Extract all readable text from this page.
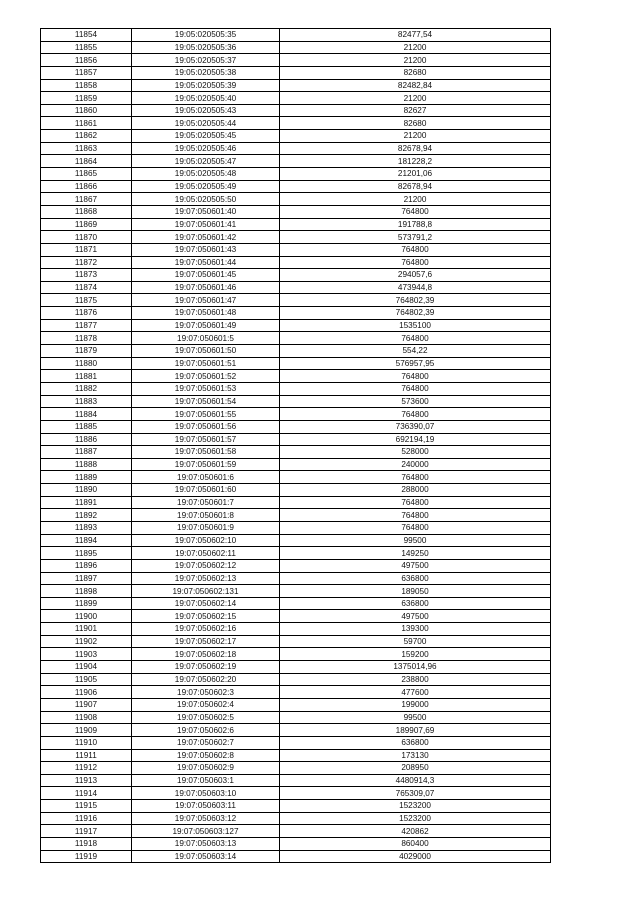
11854	19:05:020505:35	82477,54
11855	19:05:020505:36	21200
11856	19:05:020505:37	21200
11857	19:05:020505:38	82680
11858	19:05:020505:39	82482,84
11859	19:05:020505:40	21200
11860	19:05:020505:43	82627
11861	19:05:020505:44	82680
11862	19:05:020505:45	21200
11863	19:05:020505:46	82678,94
11864	19:05:020505:47	181228,2
11865	19:05:020505:48	21201,06
11866	19:05:020505:49	82678,94
11867	19:05:020505:50	21200
11868	19:07:050601:40	764800
11869	19:07:050601:41	191788,8
11870	19:07:050601:42	573791,2
11871	19:07:050601:43	764800
11872	19:07:050601:44	764800
11873	19:07:050601:45	294057,6
11874	19:07:050601:46	473944,8
11875	19:07:050601:47	764802,39
11876	19:07:050601:48	764802,39
11877	19:07:050601:49	1535100
11878	19:07:050601:5	764800
11879	19:07:050601:50	554,22
11880	19:07:050601:51	576957,95
11881	19:07:050601:52	764800
11882	19:07:050601:53	764800
11883	19:07:050601:54	573600
11884	19:07:050601:55	764800
11885	19:07:050601:56	736390,07
11886	19:07:050601:57	692194,19
11887	19:07:050601:58	528000
11888	19:07:050601:59	240000
11889	19:07:050601:6	764800
11890	19:07:050601:60	288000
11891	19:07:050601:7	764800
11892	19:07:050601:8	764800
11893	19:07:050601:9	764800
11894	19:07:050602:10	99500
11895	19:07:050602:11	149250
11896	19:07:050602:12	497500
11897	19:07:050602:13	636800
11898	19:07:050602:131	189050
11899	19:07:050602:14	636800
11900	19:07:050602:15	497500
11901	19:07:050602:16	139300
11902	19:07:050602:17	59700
11903	19:07:050602:18	159200
11904	19:07:050602:19	1375014,96
11905	19:07:050602:20	238800
11906	19:07:050602:3	477600
11907	19:07:050602:4	199000
11908	19:07:050602:5	99500
11909	19:07:050602:6	189907,69
11910	19:07:050602:7	636800
11911	19:07:050602:8	173130
11912	19:07:050602:9	208950
11913	19:07:050603:1	4480914,3
11914	19:07:050603:10	765309,07
11915	19:07:050603:11	1523200
11916	19:07:050603:12	1523200
11917	19:07:050603:127	420862
11918	19:07:050603:13	860400
11919	19:07:050603:14	4029000
